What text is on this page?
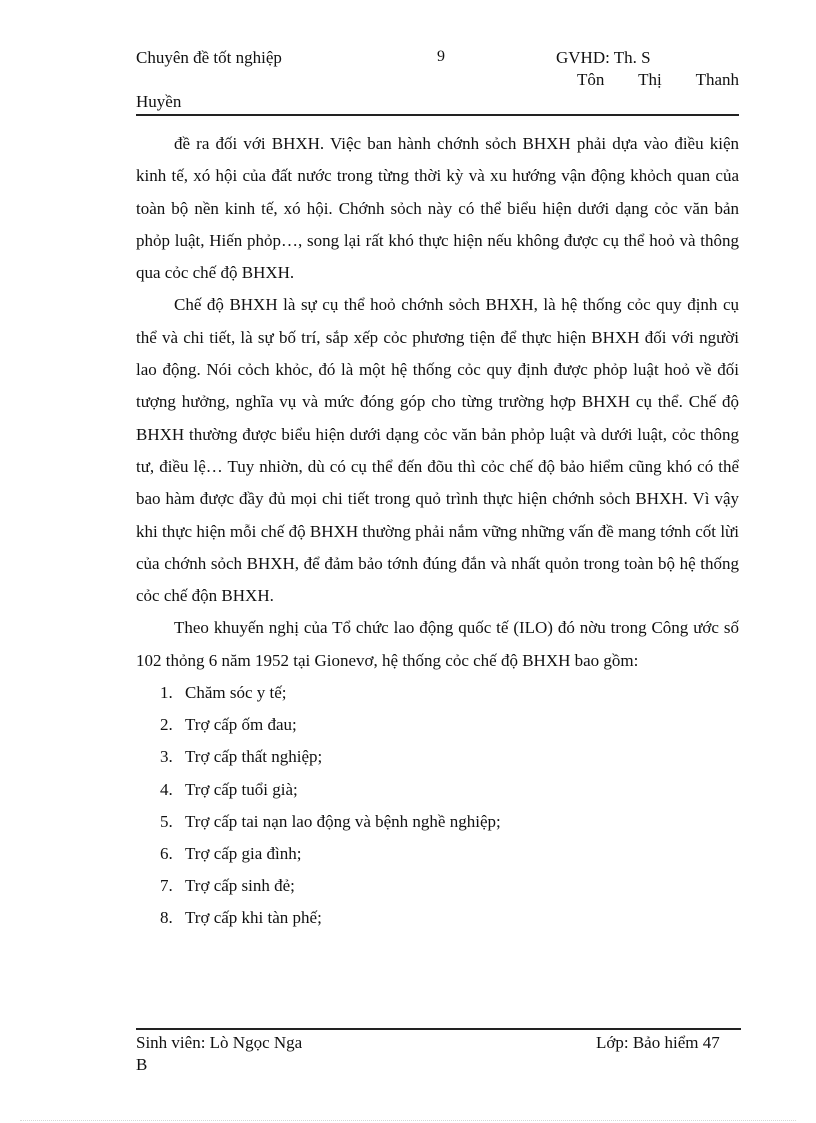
Chuyên đề tốt nghiệp	9	GVHD: Th. S
Tôn Thị Thanh
Huyền

đề ra đối với BHXH. Việc ban hành chớnh sỏch BHXH phải dựa vào điều kiện kinh tế, xó hội của đất nước trong từng thời kỳ và xu hướng vận động khỏch quan của toàn bộ nền kinh tế, xó hội. Chớnh sỏch này có thể biểu hiện dưới dạng cỏc văn bản phỏp luật, Hiến phỏp…, song lại rất khó thực hiện nếu không được cụ thể hoỏ và thông qua cỏc chế độ BHXH.

Chế độ BHXH là sự cụ thể hoỏ chớnh sỏch BHXH, là hệ thống cỏc quy định cụ thể và chi tiết, là sự bố trí, sắp xếp cỏc phương tiện để thực hiện BHXH đối với người lao động. Nói cỏch khỏc, đó là một hệ thống cỏc quy định được phỏp luật hoỏ về đối tượng hưởng, nghĩa vụ và mức đóng góp cho từng trường hợp BHXH cụ thể. Chế độ BHXH thường được biểu hiện dưới dạng cỏc văn bản phỏp luật và dưới luật, cỏc thông tư, điều lệ… Tuy nhiờn, dù có cụ thể đến đõu thì cỏc chế độ bảo hiểm cũng khó có thể bao hàm được đầy đủ mọi chi tiết trong quỏ trình thực hiện chớnh sỏch BHXH. Vì vậy khi thực hiện mỗi chế độ BHXH thường phải nắm vững những vấn đề mang tớnh cốt lừi của chớnh sỏch BHXH, để đảm bảo tớnh đúng đắn và nhất quỏn trong toàn bộ hệ thống cỏc chế độn BHXH.

Theo khuyến nghị của Tổ chức lao động quốc tế (ILO) đó nờu trong Công ước số 102 thỏng 6 năm 1952 tại Gionevơ, hệ thống cỏc chế độ BHXH bao gồm:

1. Chăm sóc y tế;
2. Trợ cấp ốm đau;
3. Trợ cấp thất nghiệp;
4. Trợ cấp tuổi già;
5. Trợ cấp tai nạn lao động và bệnh nghề nghiệp;
6. Trợ cấp gia đình;
7. Trợ cấp sinh đẻ;
8. Trợ cấp khi tàn phế;
Sinh viên: Lò Ngọc Nga	Lớp: Bảo hiểm 47
B
